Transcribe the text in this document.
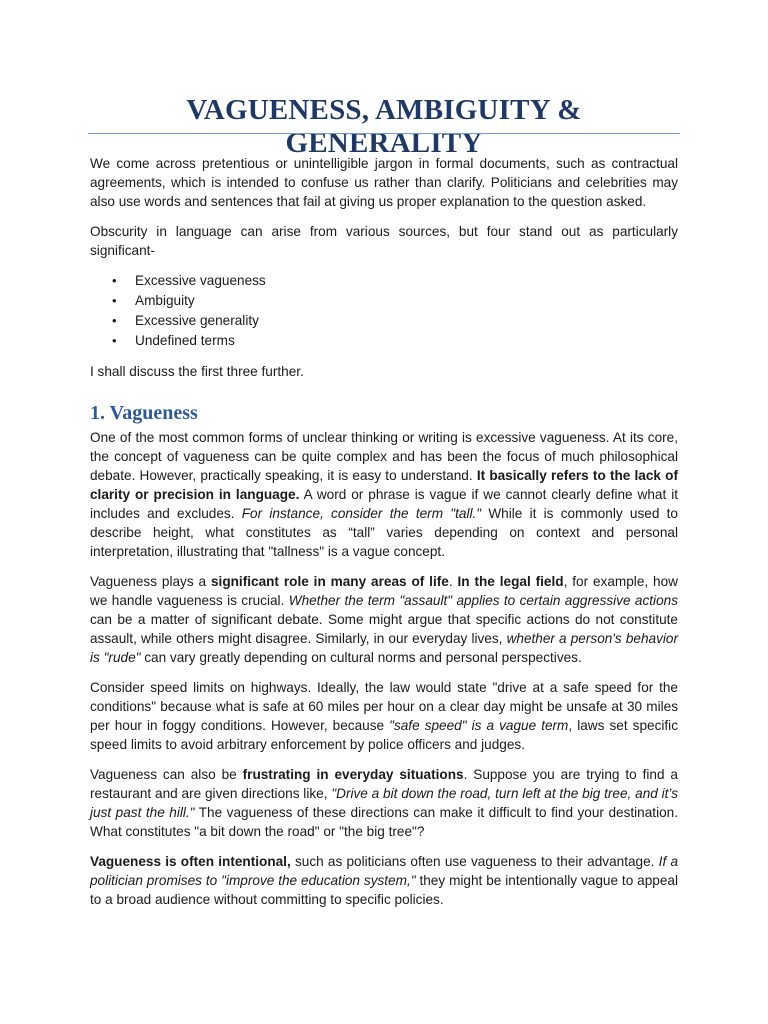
VAGUENESS, AMBIGUITY & GENERALITY

We come across pretentious or unintelligible jargon in formal documents, such as contractual agreements, which is intended to confuse us rather than clarify. Politicians and celebrities may also use words and sentences that fail at giving us proper explanation to the question asked.

Obscurity in language can arise from various sources, but four stand out as particularly significant-

• Excessive vagueness
• Ambiguity
• Excessive generality
• Undefined terms

I shall discuss the first three further.

1. Vagueness

One of the most common forms of unclear thinking or writing is excessive vagueness. At its core, the concept of vagueness can be quite complex and has been the focus of much philosophical debate. However, practically speaking, it is easy to understand. It basically refers to the lack of clarity or precision in language. A word or phrase is vague if we cannot clearly define what it includes and excludes. For instance, consider the term "tall." While it is commonly used to describe height, what constitutes as “tall” varies depending on context and personal interpretation, illustrating that "tallness" is a vague concept.

Vagueness plays a significant role in many areas of life. In the legal field, for example, how we handle vagueness is crucial. Whether the term "assault" applies to certain aggressive actions can be a matter of significant debate. Some might argue that specific actions do not constitute assault, while others might disagree. Similarly, in our everyday lives, whether a person's behavior is "rude" can vary greatly depending on cultural norms and personal perspectives.

Consider speed limits on highways. Ideally, the law would state "drive at a safe speed for the conditions" because what is safe at 60 miles per hour on a clear day might be unsafe at 30 miles per hour in foggy conditions. However, because "safe speed" is a vague term, laws set specific speed limits to avoid arbitrary enforcement by police officers and judges.

Vagueness can also be frustrating in everyday situations. Suppose you are trying to find a restaurant and are given directions like, "Drive a bit down the road, turn left at the big tree, and it’s just past the hill." The vagueness of these directions can make it difficult to find your destination. What constitutes "a bit down the road" or "the big tree"?

Vagueness is often intentional, such as politicians often use vagueness to their advantage. If a politician promises to "improve the education system," they might be intentionally vague to appeal to a broad audience without committing to specific policies.
